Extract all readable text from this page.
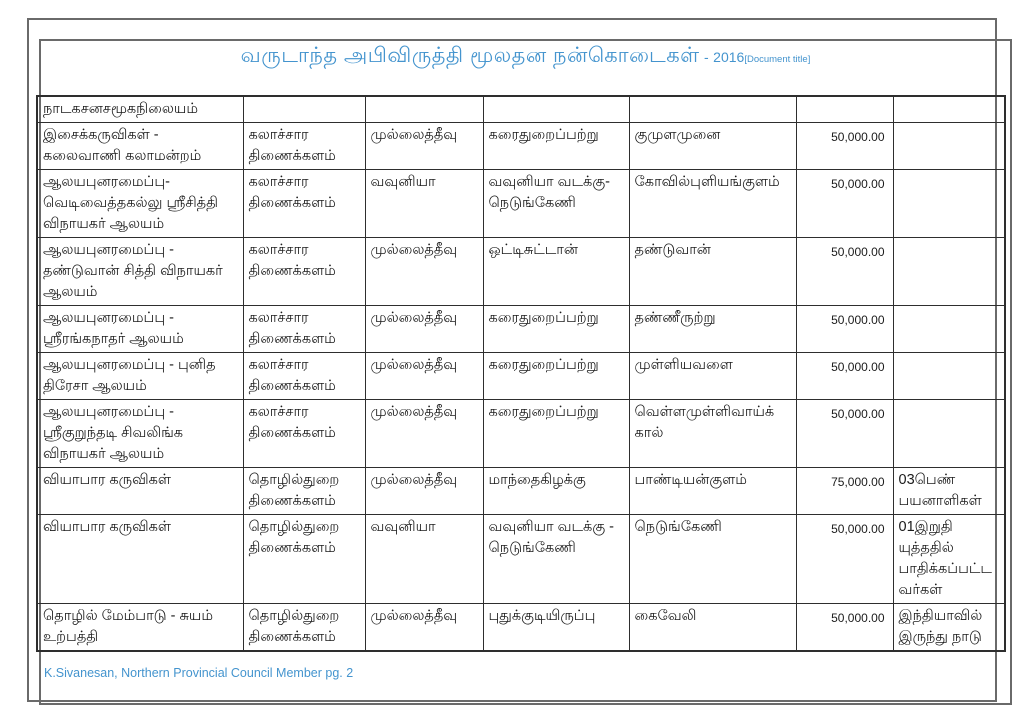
வருடாந்த அபிவிருத்தி மூலதன நன்கொடைகள் - 2016[Document title]
நாடகசனசமூகநிலையம்						
இசைக்கருவிகள் - கலைவாணி கலாமன்றம்	கலாச்சார திணைக்களம்	முல்லைத்தீவு	கரைதுறைப்பற்று	குமுளமுனை	50,000.00	
ஆலயபுனரமைப்பு- வெடிவைத்தகல்லு ஸ்ரீசித்தி விநாயகர் ஆலயம்	கலாச்சார திணைக்களம்	வவுனியா	வவுனியா வடக்கு- நெடுங்கேணி	கோவில்புளியங்குளம்	50,000.00	
ஆலயபுனரமைப்பு - தண்டுவான் சித்தி விநாயகர் ஆலயம்	கலாச்சார திணைக்களம்	முல்லைத்தீவு	ஒட்டிசுட்டான்	தண்டுவான்	50,000.00	
ஆலயபுனரமைப்பு - ஸ்ரீரங்கநாதர் ஆலயம்	கலாச்சார திணைக்களம்	முல்லைத்தீவு	கரைதுறைப்பற்று	தண்ணீருற்று	50,000.00	
ஆலயபுனரமைப்பு - புனித திரேசா ஆலயம்	கலாச்சார திணைக்களம்	முல்லைத்தீவு	கரைதுறைப்பற்று	முள்ளியவளை	50,000.00	
ஆலயபுனரமைப்பு - ஸ்ரீகுறுந்தடி சிவலிங்க விநாயகர் ஆலயம்	கலாச்சார திணைக்களம்	முல்லைத்தீவு	கரைதுறைப்பற்று	வெள்ளமுள்ளிவாய்க்கால்	50,000.00	
வியாபார கருவிகள்	தொழில்துறை திணைக்களம்	முல்லைத்தீவு	மாந்தைகிழக்கு	பாண்டியன்குளம்	75,000.00	03பெண் பயனாளிகள்
வியாபார கருவிகள்	தொழில்துறை திணைக்களம்	வவுனியா	வவுனியா வடக்கு - நெடுங்கேணி	நெடுங்கேணி	50,000.00	01இறுதி யுத்ததில் பாதிக்கப்பட்ட வர்கள்
தொழில் மேம்பாடு - சுயம் உற்பத்தி	தொழில்துறை திணைக்களம்	முல்லைத்தீவு	புதுக்குடியிருப்பு	கைவேலி	50,000.00	இந்தியாவில் இருந்து நாடு
K.Sivanesan, Northern Provincial Council Member pg. 2
